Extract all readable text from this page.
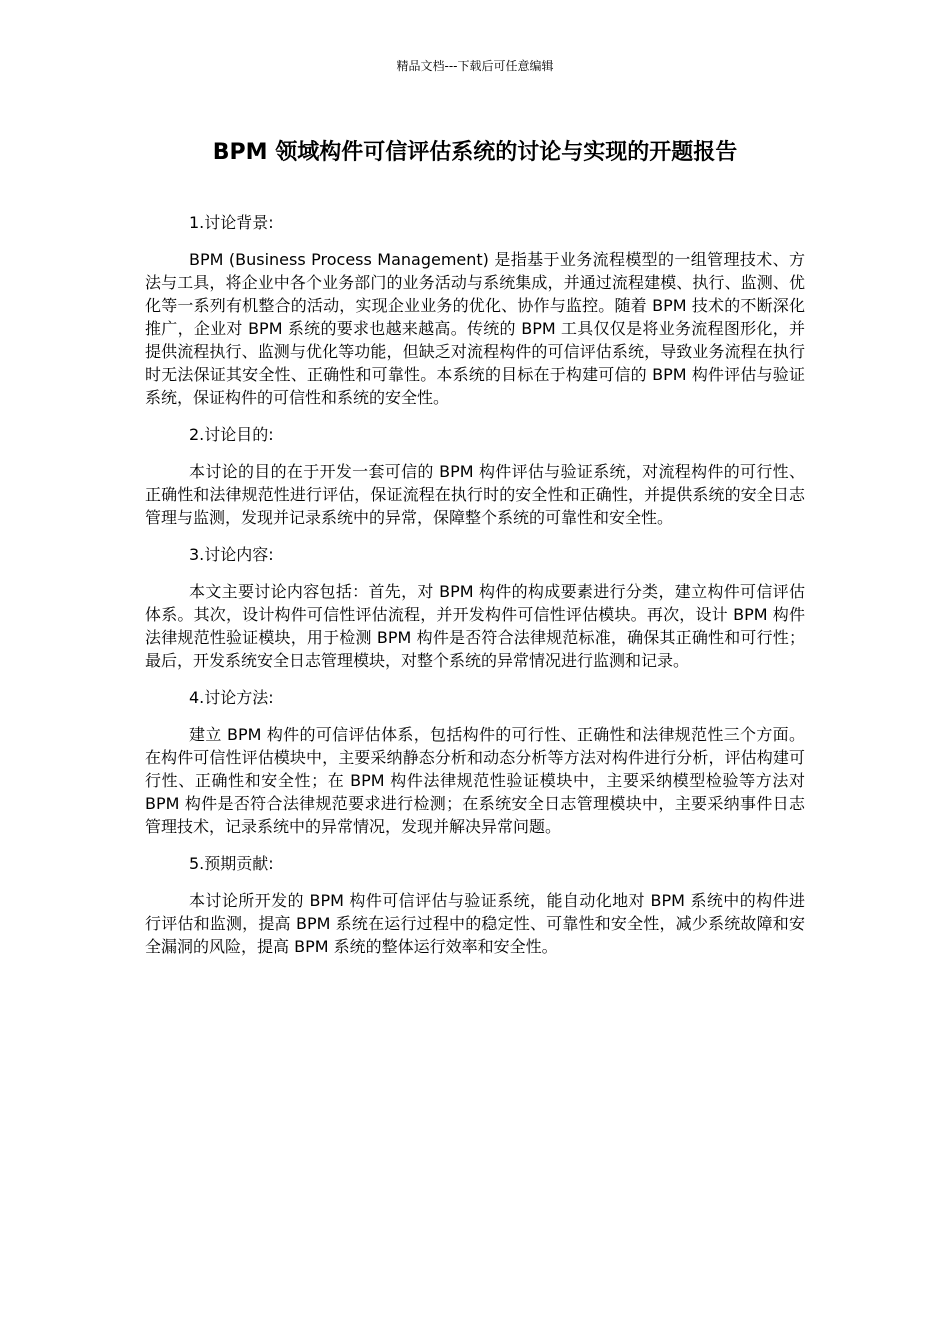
精品文档---下载后可任意编辑
BPM 领域构件可信评估系统的讨论与实现的开题报告

1.讨论背景:

BPM (Business Process Management) 是指基于业务流程模型的一组管理技术、方法与工具，将企业中各个业务部门的业务活动与系统集成，并通过流程建模、执行、监测、优化等一系列有机整合的活动，实现企业业务的优化、协作与监控。随着 BPM 技术的不断深化推广，企业对 BPM 系统的要求也越来越高。传统的 BPM 工具仅仅是将业务流程图形化，并提供流程执行、监测与优化等功能，但缺乏对流程构件的可信评估系统，导致业务流程在执行时无法保证其安全性、正确性和可靠性。本系统的目标在于构建可信的 BPM 构件评估与验证系统，保证构件的可信性和系统的安全性。

2.讨论目的:

本讨论的目的在于开发一套可信的 BPM 构件评估与验证系统，对流程构件的可行性、正确性和法律规范性进行评估，保证流程在执行时的安全性和正确性，并提供系统的安全日志管理与监测，发现并记录系统中的异常，保障整个系统的可靠性和安全性。

3.讨论内容:

本文主要讨论内容包括：首先，对 BPM 构件的构成要素进行分类，建立构件可信评估体系。其次，设计构件可信性评估流程，并开发构件可信性评估模块。再次，设计 BPM 构件法律规范性验证模块，用于检测 BPM 构件是否符合法律规范标准，确保其正确性和可行性；最后，开发系统安全日志管理模块，对整个系统的异常情况进行监测和记录。

4.讨论方法:

建立 BPM 构件的可信评估体系，包括构件的可行性、正确性和法律规范性三个方面。在构件可信性评估模块中，主要采纳静态分析和动态分析等方法对构件进行分析，评估构建可行性、正确性和安全性；在 BPM 构件法律规范性验证模块中，主要采纳模型检验等方法对 BPM 构件是否符合法律规范要求进行检测；在系统安全日志管理模块中，主要采纳事件日志管理技术，记录系统中的异常情况，发现并解决异常问题。

5.预期贡献:

本讨论所开发的 BPM 构件可信评估与验证系统，能自动化地对 BPM 系统中的构件进行评估和监测，提高 BPM 系统在运行过程中的稳定性、可靠性和安全性，减少系统故障和安全漏洞的风险，提高 BPM 系统的整体运行效率和安全性。
